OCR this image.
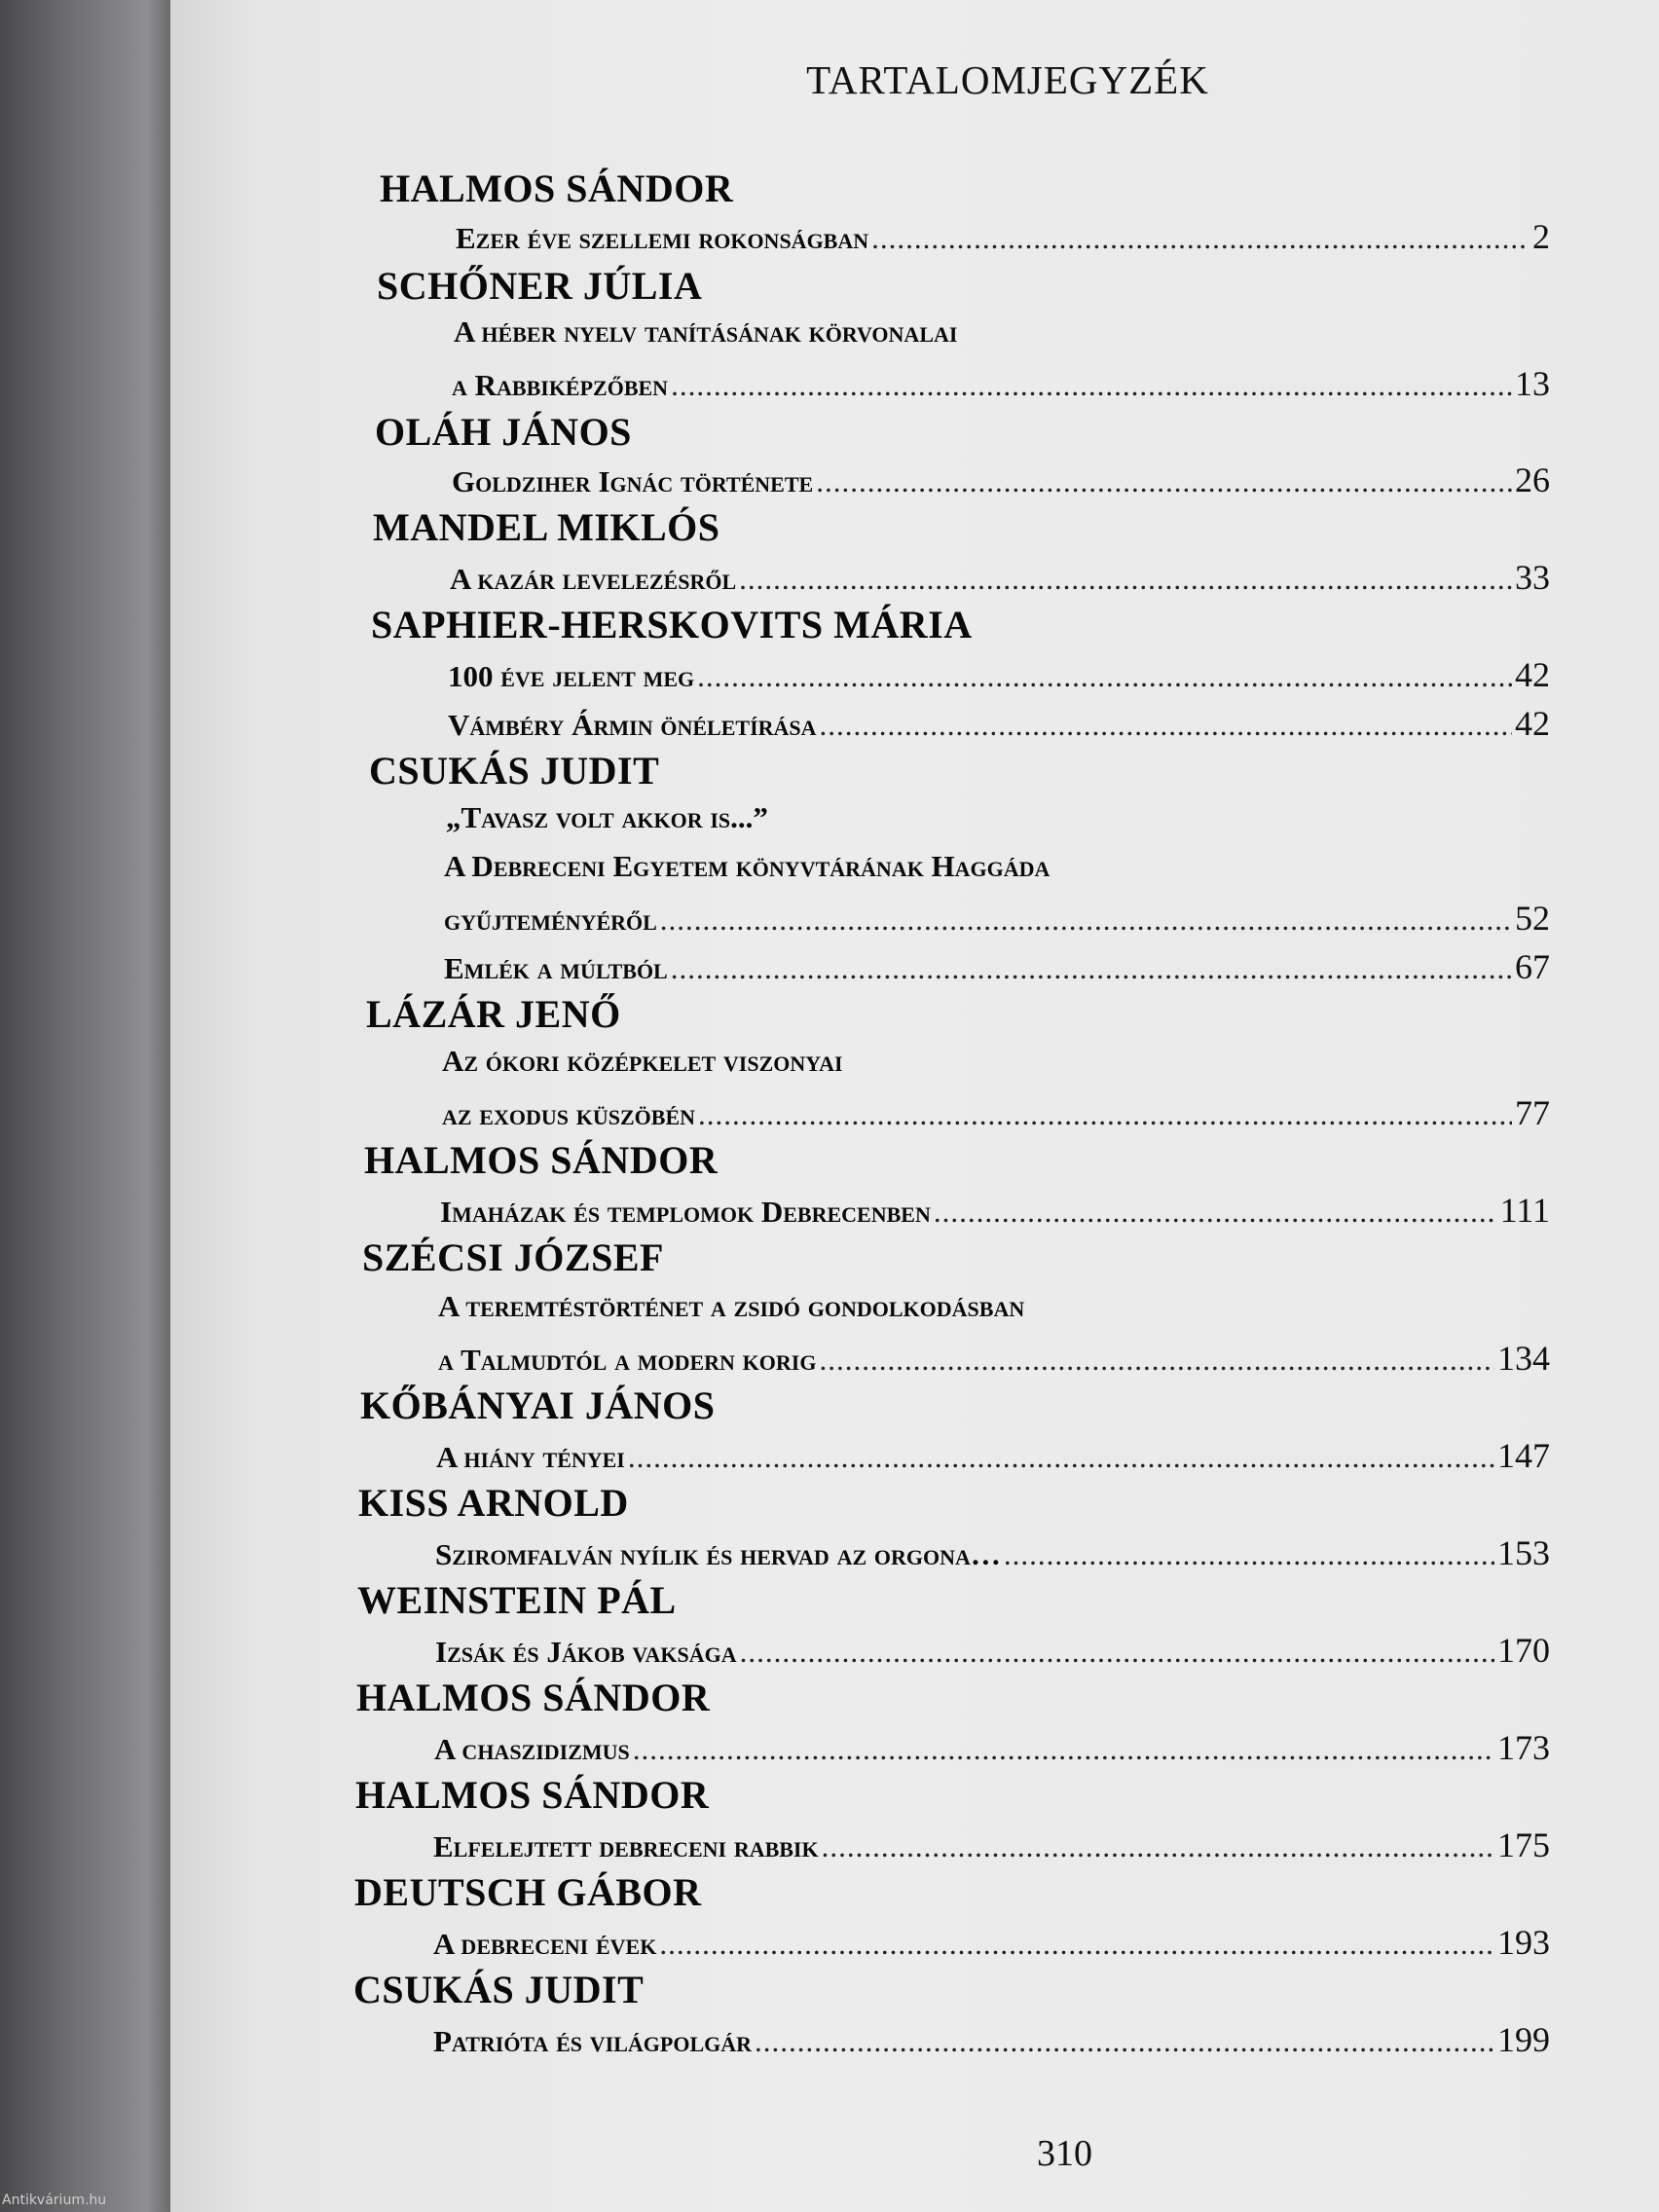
TARTALOMJEGYZÉK
HALMOS SÁNDOR
Ezer éve szellemi rokonságban .....	2
SCHŐNER JÚLIA
A héber nyelv tanításának körvonalai
a Rabbiképzőben .....	13
OLÁH JÁNOS
Goldziher Ignác története .....	26
MANDEL MIKLÓS
A kazár levelezésről .....	33
SAPHIER-HERSKOVITS MÁRIA
100 éve jelent meg .....	42
Vámbéry Ármin önéletírása .....	42
CSUKÁS JUDIT
„Tavasz volt akkor is...”
A Debreceni Egyetem könyvtárának Haggáda
gyűjteményéről .....	52
Emlék a múltból .....	67
LÁZÁR JENŐ
Az ókori középkelet viszonyai
az exodus küszöbén .....	77
HALMOS SÁNDOR
Imaházak és templomok Debrecenben .....	111
SZÉCSI JÓZSEF
A teremtéstörténet a zsidó gondolkodásban
a Talmudtól a modern korig .....	134
KŐBÁNYAI JÁNOS
A hiány tényei .....	147
KISS ARNOLD
Sziromfalván nyílik és hervad az orgona… .....	153
WEINSTEIN PÁL
Izsák és Jákob vaksága .....	170
HALMOS SÁNDOR
A chaszidizmus .....	173
HALMOS SÁNDOR
Elfelejtett debreceni rabbik .....	175
DEUTSCH GÁBOR
A debreceni évek .....	193
CSUKÁS JUDIT
Patrióta és világpolgár .....	199
310
Antikvárium.hu
